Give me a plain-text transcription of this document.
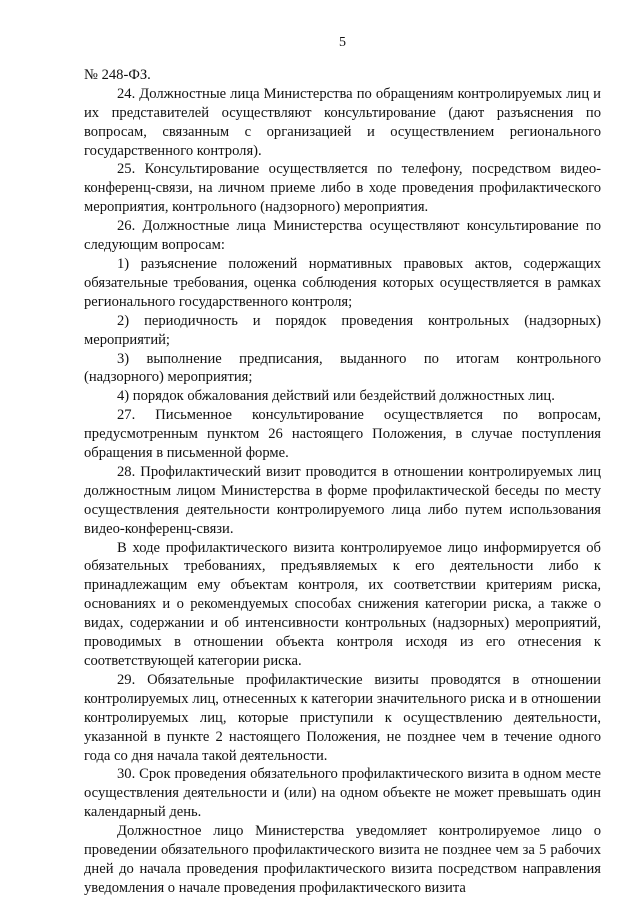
5

№ 248-ФЗ.

24. Должностные лица Министерства по обращениям контролируемых лиц и их представителей осуществляют консультирование (дают разъяснения по вопросам, связанным с организацией и осуществлением регионального государственного контроля).

25. Консультирование осуществляется по телефону, посредством видео-конференц-связи, на личном приеме либо в ходе проведения профилактического мероприятия, контрольного (надзорного) мероприятия.

26. Должностные лица Министерства осуществляют консультирование по следующим вопросам:

1) разъяснение положений нормативных правовых актов, содержащих обязательные требования, оценка соблюдения которых осуществляется в рамках регионального государственного контроля;

2) периодичность и порядок проведения контрольных (надзорных) мероприятий;

3) выполнение предписания, выданного по итогам контрольного (надзорного) мероприятия;

4) порядок обжалования действий или бездействий должностных лиц.

27. Письменное консультирование осуществляется по вопросам, предусмотренным пунктом 26 настоящего Положения, в случае поступления обращения в письменной форме.

28. Профилактический визит проводится в отношении контролируемых лиц должностным лицом Министерства в форме профилактической беседы по месту осуществления деятельности контролируемого лица либо путем использования видео-конференц-связи.

В ходе профилактического визита контролируемое лицо информируется об обязательных требованиях, предъявляемых к его деятельности либо к принадлежащим ему объектам контроля, их соответствии критериям риска, основаниях и о рекомендуемых способах снижения категории риска, а также о видах, содержании и об интенсивности контрольных (надзорных) мероприятий, проводимых в отношении объекта контроля исходя из его отнесения к соответствующей категории риска.

29. Обязательные профилактические визиты проводятся в отношении контролируемых лиц, отнесенных к категории значительного риска и в отношении контролируемых лиц, которые приступили к осуществлению деятельности, указанной в пункте 2 настоящего Положения, не позднее чем в течение одного года со дня начала такой деятельности.

30. Срок проведения обязательного профилактического визита в одном месте осуществления деятельности и (или) на одном объекте не может превышать один календарный день.

Должностное лицо Министерства уведомляет контролируемое лицо о проведении обязательного профилактического визита не позднее чем за 5 рабочих дней до начала проведения профилактического визита посредством направления уведомления о начале проведения профилактического визита
